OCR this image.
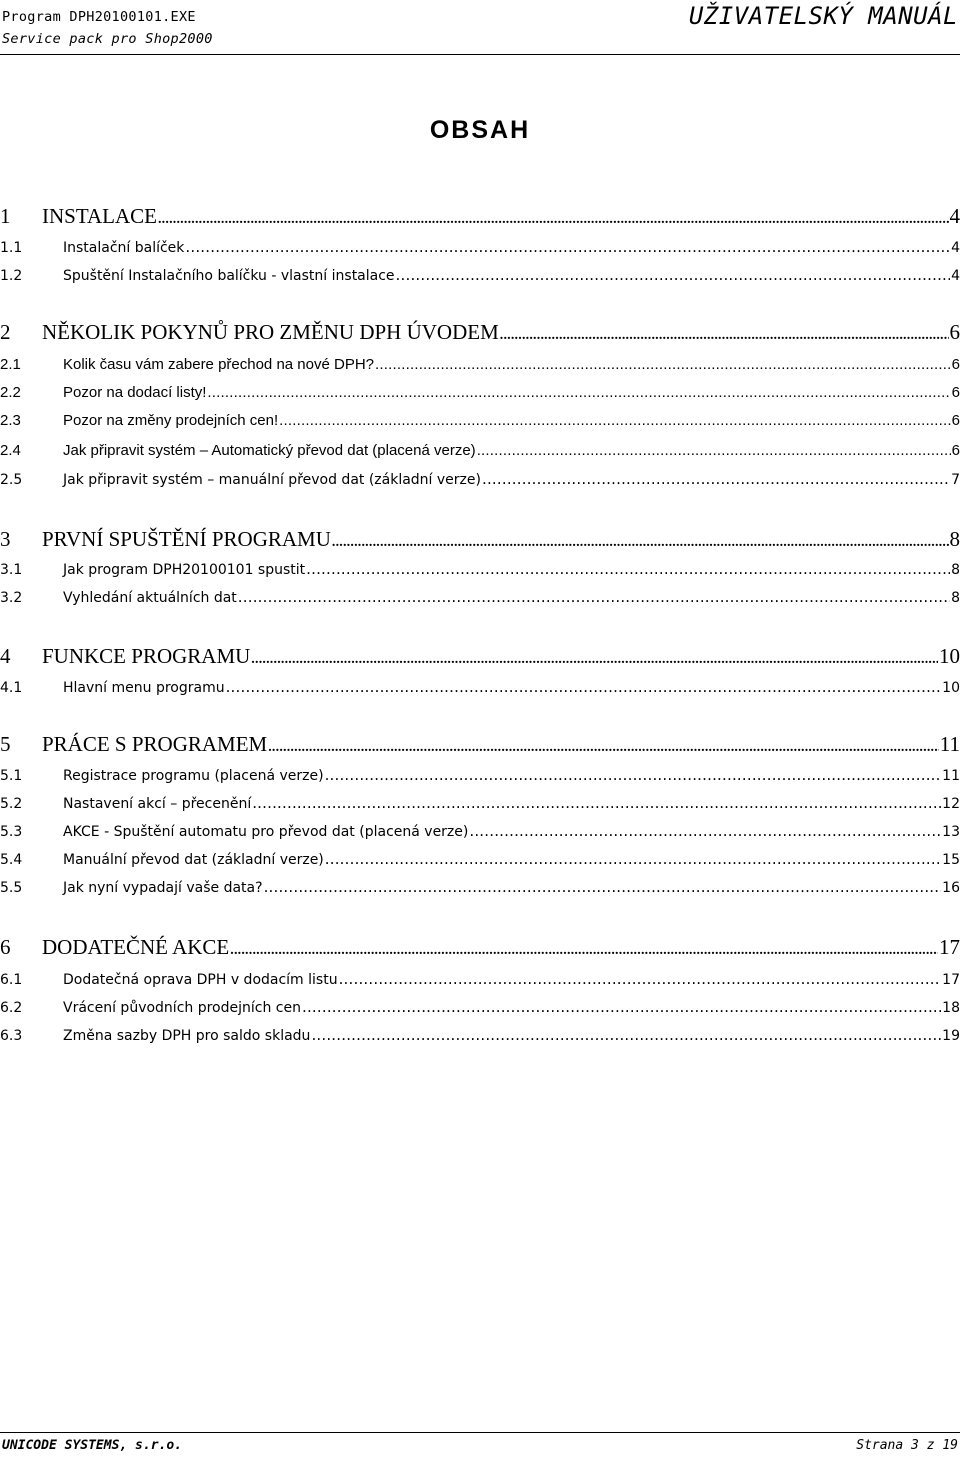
Program DPH20100101.EXE
Service pack pro Shop2000
UŽIVATELSKÝ MANUÁL
OBSAH
1	INSTALACE .....	4
1.1	Instalační balíček .....	4
1.2	Spuštění Instalačního balíčku - vlastní instalace .....	4
2	NĚKOLIK POKYNŮ PRO ZMĚNU DPH ÚVODEM .....	6
2.1	Kolik času vám zabere přechod na nové DPH? .....	6
2.2	Pozor na dodací listy! .....	6
2.3	Pozor na změny prodejních cen! .....	6
2.4	Jak připravit systém – Automatický převod dat (placená verze) .....	6
2.5	Jak připravit systém – manuální převod dat (základní verze) .....	7
3	PRVNÍ SPUŠTĚNÍ PROGRAMU .....	8
3.1	Jak program DPH20100101 spustit .....	8
3.2	Vyhledání aktuálních dat .....	8
4	FUNKCE PROGRAMU .....	10
4.1	Hlavní menu programu .....	10
5	PRÁCE S PROGRAMEM .....	11
5.1	Registrace programu (placená verze) .....	11
5.2	Nastavení akcí – přecenění .....	12
5.3	AKCE - Spuštění automatu pro převod dat (placená verze) .....	13
5.4	Manuální převod dat (základní verze) .....	15
5.5	Jak nyní vypadají vaše data? .....	16
6	DODATEČNÉ AKCE .....	17
6.1	Dodatečná oprava DPH v dodacím listu .....	17
6.2	Vrácení původních prodejních cen .....	18
6.3	Změna sazby DPH pro saldo skladu .....	19
UNICODE SYSTEMS, s.r.o.	Strana 3 z 19
